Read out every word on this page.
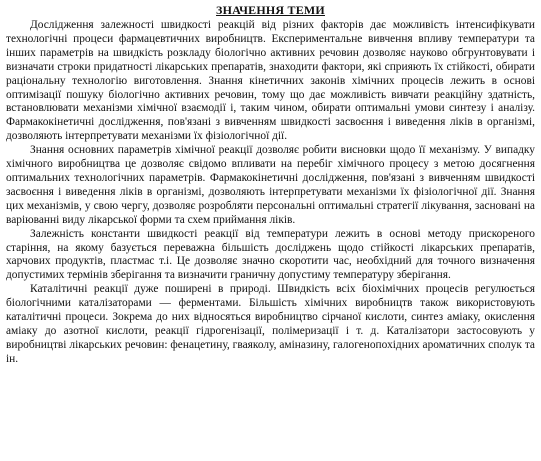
ЗНАЧЕННЯ ТЕМИ

Дослідження залежності швидкості реакцій від різних факторів дає можливість інтенсифікувати технологічні процеси фармацевтичних виробництв. Експериментальне вивчення впливу температури та інших параметрів на швидкість розкладу біологічно активних речовин дозволяє науково обгрунтовувати і визначати строки придатності лікарських препаратів, знаходити фактори, які сприяють їх стійкості, обирати раціональну технологію виготовлення. Знання кінетичних законів хімічних процесів лежить в основі оптимізації пошуку біологічно активних речовин, тому що дає можливість вивчати реакційну здатність, встановлювати механізми хімічної взаємодії і, таким чином, обирати оптимальні умови синтезу і аналізу. Фармакокінетичні дослідження, пов'язані з вивченням швидкості засвоєння і виведення ліків в організмі, дозволяють інтерпретувати механізми їх фізіологічної дії.

Знання основних параметрів хімічної реакції дозволяє робити висновки щодо її механізму. У випадку хімічного виробництва це дозволяє свідомо впливати на перебіг хімічного процесу з метою досягнення оптимальних технологічних параметрів. Фармакокінетичні дослідження, пов'язані з вивченням швидкості засвоєння і виведення ліків в організмі, дозволяють інтерпретувати механізми їх фізіологічної дії. Знання цих механізмів, у свою чергу, дозволяє розробляти персональні оптимальні стратегії лікування, засновані на варіюванні виду лікарської форми та схем приймання ліків.

Залежність константи швидкості реакції від температури лежить в основі методу прискореного старіння, на якому базується переважна більшість досліджень щодо стійкості лікарських препаратів, харчових продуктів, пластмас т.і. Це дозволяє значно скоротити час, необхідний для точного визначення допустимих термінів зберігання та визначити граничну допустиму температуру зберігання.

Каталітичні реакції дуже поширені в природі. Швидкість всіх біохімічних процесів регулюється біологічними каталізаторами — ферментами. Більшість хімічних виробництв також використовують каталітичні процеси. Зокрема до них відносяться виробництво сірчаної кислоти, синтез аміаку, окислення аміаку до азотної кислоти, реакції гідрогенізації, полімеризації і т. д. Каталізатори застосовують у виробництві лікарських речовин: фенацетину, гваяколу, аміназину, галогенопохідних ароматичних сполук та ін.
